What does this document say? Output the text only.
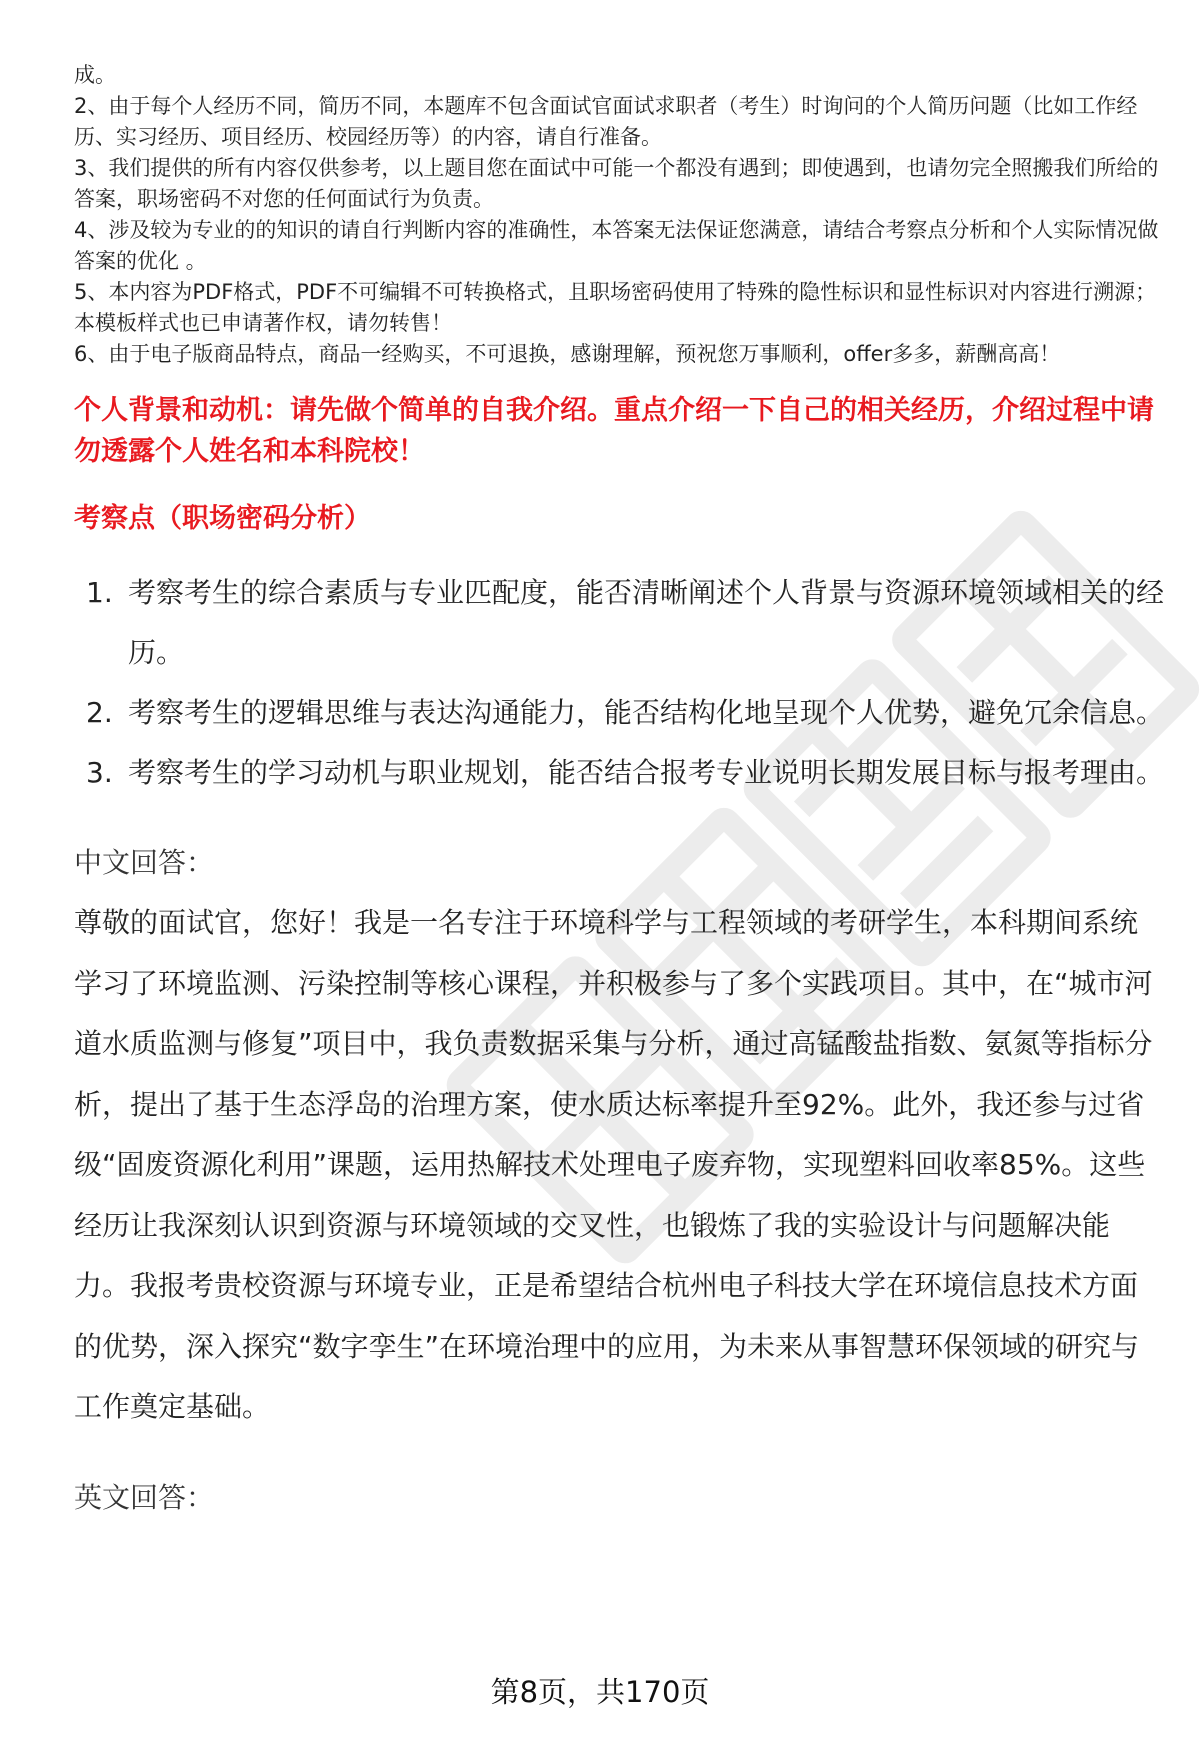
成。

2、由于每个人经历不同，简历不同，本题库不包含面试官面试求职者（考生）时询问的个人简历问题（比如工作经历、实习经历、项目经历、校园经历等）的内容，请自行准备。

3、我们提供的所有内容仅供参考，以上题目您在面试中可能一个都没有遇到；即使遇到，也请勿完全照搬我们所给的答案，职场密码不对您的任何面试行为负责。

4、涉及较为专业的的知识的请自行判断内容的准确性，本答案无法保证您满意，请结合考察点分析和个人实际情况做答案的优化 。

5、本内容为PDF格式，PDF不可编辑不可转换格式，且职场密码使用了特殊的隐性标识和显性标识对内容进行溯源；本模板样式也已申请著作权，请勿转售！

6、由于电子版商品特点，商品一经购买，不可退换，感谢理解，预祝您万事顺利，offer多多，薪酬高高！

个人背景和动机：请先做个简单的自我介绍。重点介绍一下自己的相关经历，介绍过程中请勿透露个人姓名和本科院校！
考察点（职场密码分析）
1. 考察考生的综合素质与专业匹配度，能否清晰阐述个人背景与资源环境领域相关的经历。
2. 考察考生的逻辑思维与表达沟通能力，能否结构化地呈现个人优势，避免冗余信息。
3. 考察考生的学习动机与职业规划，能否结合报考专业说明长期发展目标与报考理由。
中文回答：

尊敬的面试官，您好！我是一名专注于环境科学与工程领域的考研学生，本科期间系统学习了环境监测、污染控制等核心课程，并积极参与了多个实践项目。其中，在“城市河道水质监测与修复”项目中，我负责数据采集与分析，通过高锰酸盐指数、氨氮等指标分析，提出了基于生态浮岛的治理方案，使水质达标率提升至92%。此外，我还参与过省级“固废资源化利用”课题，运用热解技术处理电子废弃物，实现塑料回收率85%。这些经历让我深刻认识到资源与环境领域的交叉性，也锻炼了我的实验设计与问题解决能力。我报考贵校资源与环境专业，正是希望结合杭州电子科技大学在环境信息技术方面的优势，深入探究“数字孪生”在环境治理中的应用，为未来从事智慧环保领域的研究与工作奠定基础。

英文回答：
第8页，共170页
